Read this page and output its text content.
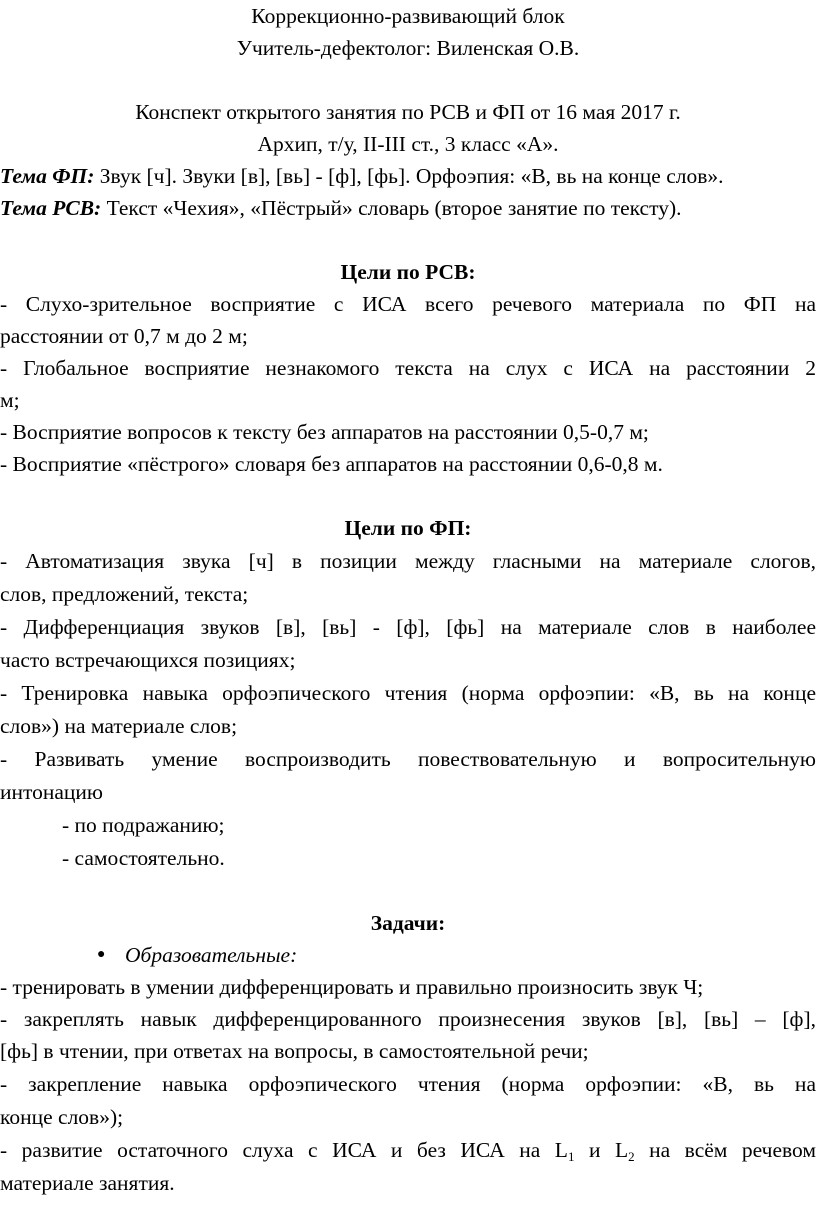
Коррекционно-развивающий блок
Учитель-дефектолог: Виленская О.В.
Конспект открытого занятия по РСВ и ФП от 16 мая 2017 г.
Архип, т/у, II-III ст., 3 класс «А».
Тема ФП: Звук [ч]. Звуки [в], [вь] - [ф], [фь]. Орфоэпия: «В, вь на конце слов».
Тема РСВ: Текст «Чехия», «Пёстрый» словарь (второе занятие по тексту).
Цели по РСВ:
- Слухо-зрительное восприятие с ИСА всего речевого материала по ФП на
расстоянии от 0,7 м до 2 м;
- Глобальное восприятие незнакомого текста на слух с ИСА на расстоянии 2
м;
- Восприятие вопросов к тексту без аппаратов на расстоянии 0,5-0,7 м;
- Восприятие «пёстрого» словаря без аппаратов на расстоянии 0,6-0,8 м.
Цели по ФП:
- Автоматизация звука [ч] в позиции между гласными на материале слогов,
слов, предложений, текста;
- Дифференциация звуков [в], [вь] - [ф], [фь] на материале слов в наиболее
часто встречающихся позициях;
- Тренировка навыка орфоэпического чтения (норма орфоэпии: «В, вь на конце
слов») на материале слов;
- Развивать умение воспроизводить повествовательную и вопросительную
интонацию
- по подражанию;
- самостоятельно.
Задачи:
● Образовательные:
- тренировать в умении дифференцировать и правильно произносить звук Ч;
- закреплять навык дифференцированного произнесения звуков [в], [вь] – [ф],
[фь] в чтении, при ответах на вопросы, в самостоятельной речи;
- закрепление навыка орфоэпического чтения (норма орфоэпии: «В, вь на
конце слов»);
- развитие остаточного слуха с ИСА и без ИСА на $L_1$ и $L_2$ на всём речевом
материале занятия.
